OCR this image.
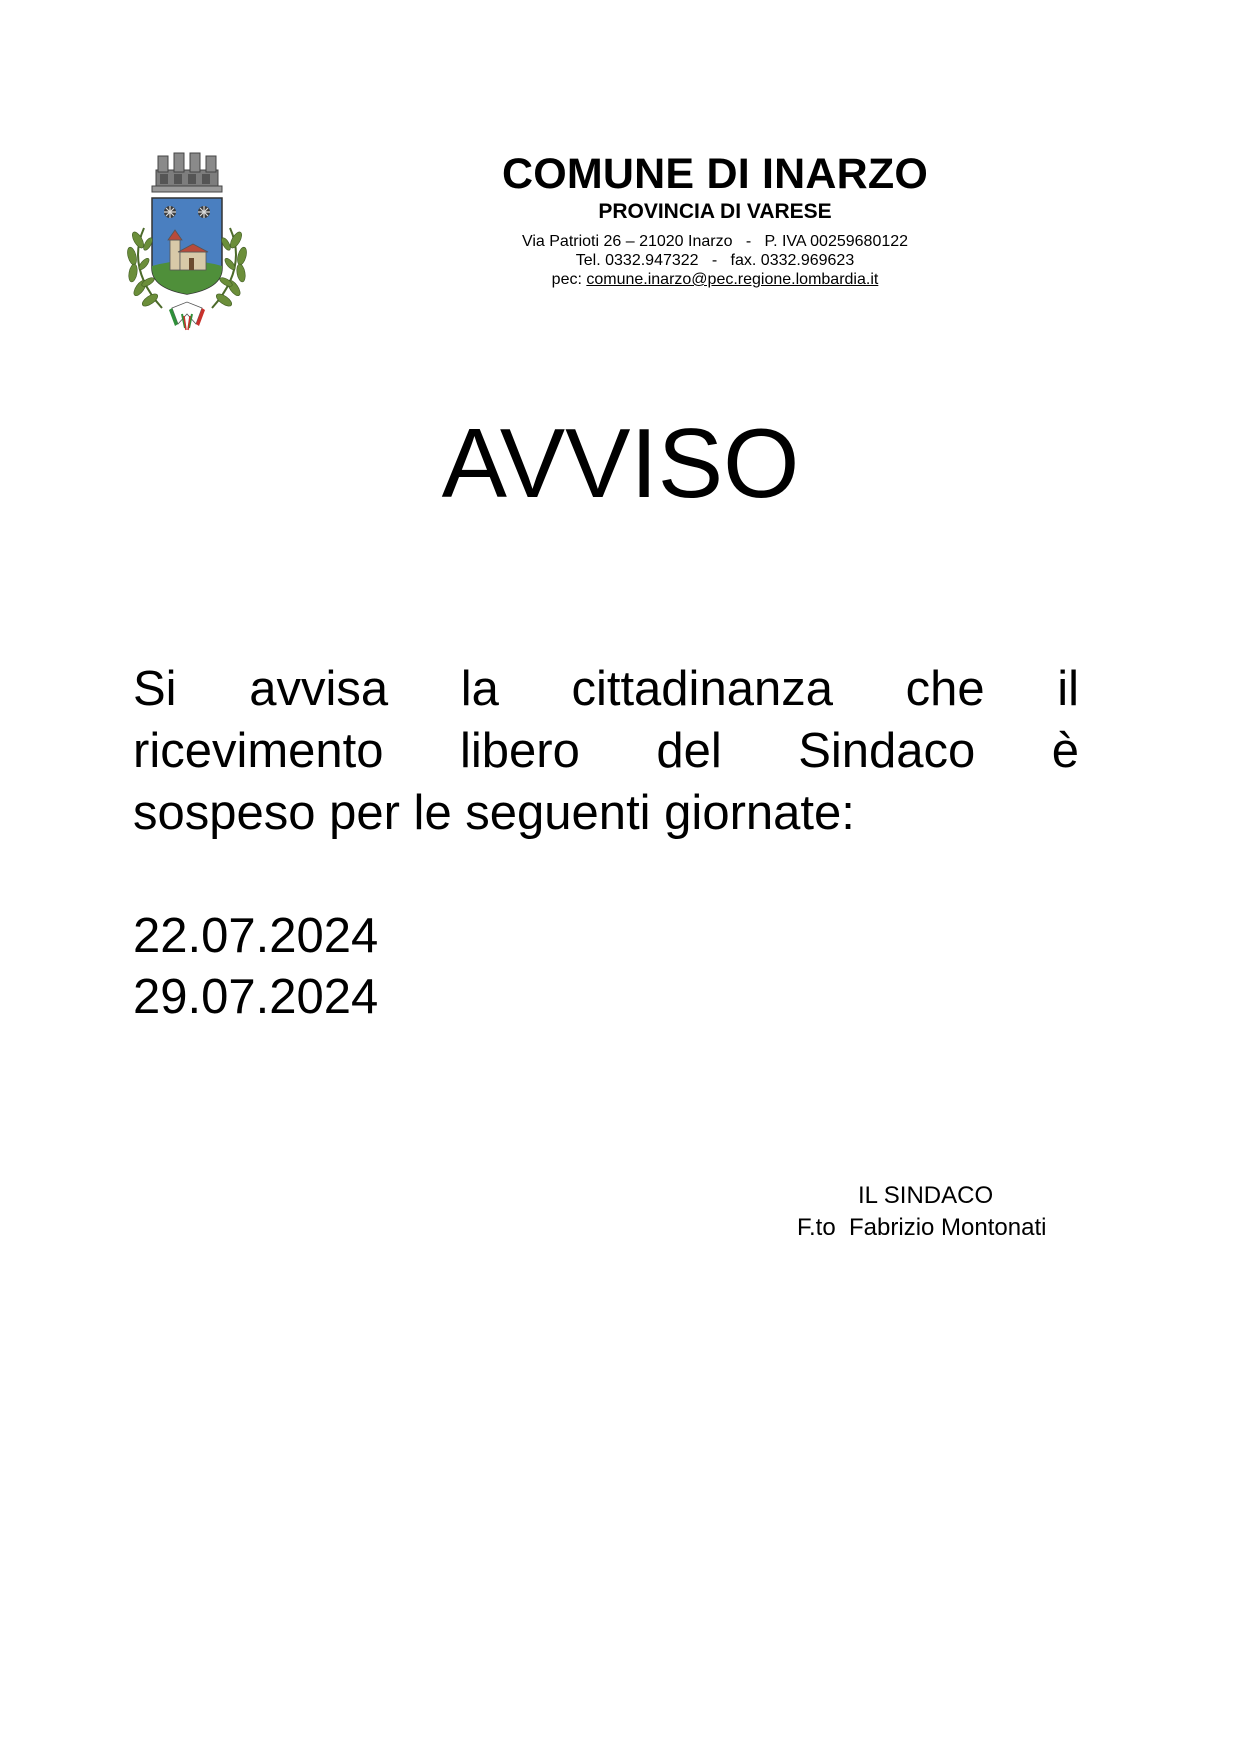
COMUNE DI INARZO
PROVINCIA DI VARESE
Via Patrioti 26 – 21020 Inarzo   -   P. IVA 00259680122
Tel. 0332.947322   -   fax. 0332.969623
pec: comune.inarzo@pec.regione.lombardia.it
AVVISO
Si avvisa la cittadinanza che il
ricevimento libero del Sindaco è
sospeso per le seguenti giornate:
22.07.2024
29.07.2024
IL SINDACO
F.to  Fabrizio Montonati
